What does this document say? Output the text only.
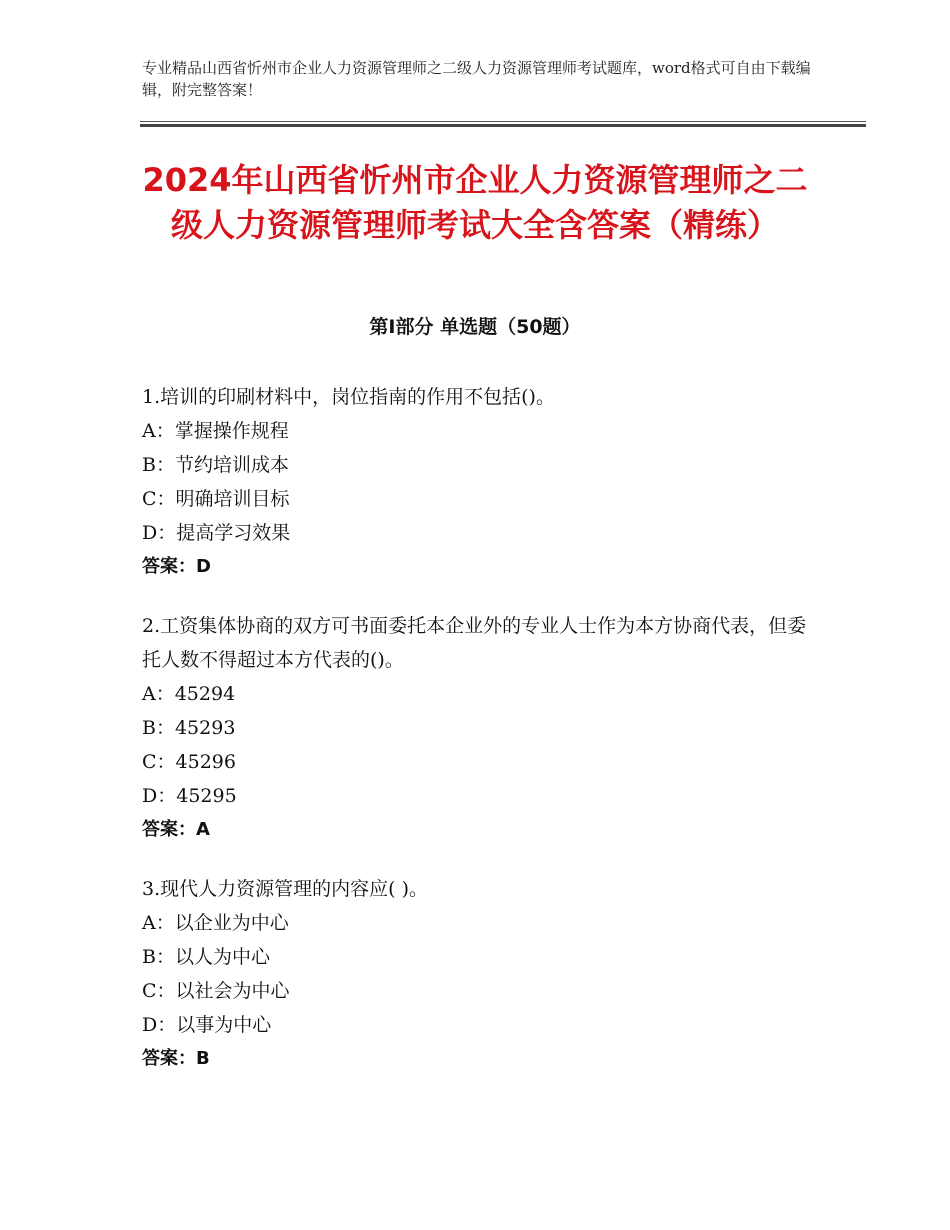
专业精品山西省忻州市企业人力资源管理师之二级人力资源管理师考试题库，word格式可自由下载编辑，附完整答案！
2024年山西省忻州市企业人力资源管理师之二级人力资源管理师考试大全含答案（精练）
第Ⅰ部分 单选题（50题）
1.培训的印刷材料中，岗位指南的作用不包括()。
A：掌握操作规程
B：节约培训成本
C：明确培训目标
D：提高学习效果
答案：D
2.工资集体协商的双方可书面委托本企业外的专业人士作为本方协商代表，但委托人数不得超过本方代表的()。
A：45294
B：45293
C：45296
D：45295
答案：A
3.现代人力资源管理的内容应( )。
A：以企业为中心
B：以人为中心
C：以社会为中心
D：以事为中心
答案：B
